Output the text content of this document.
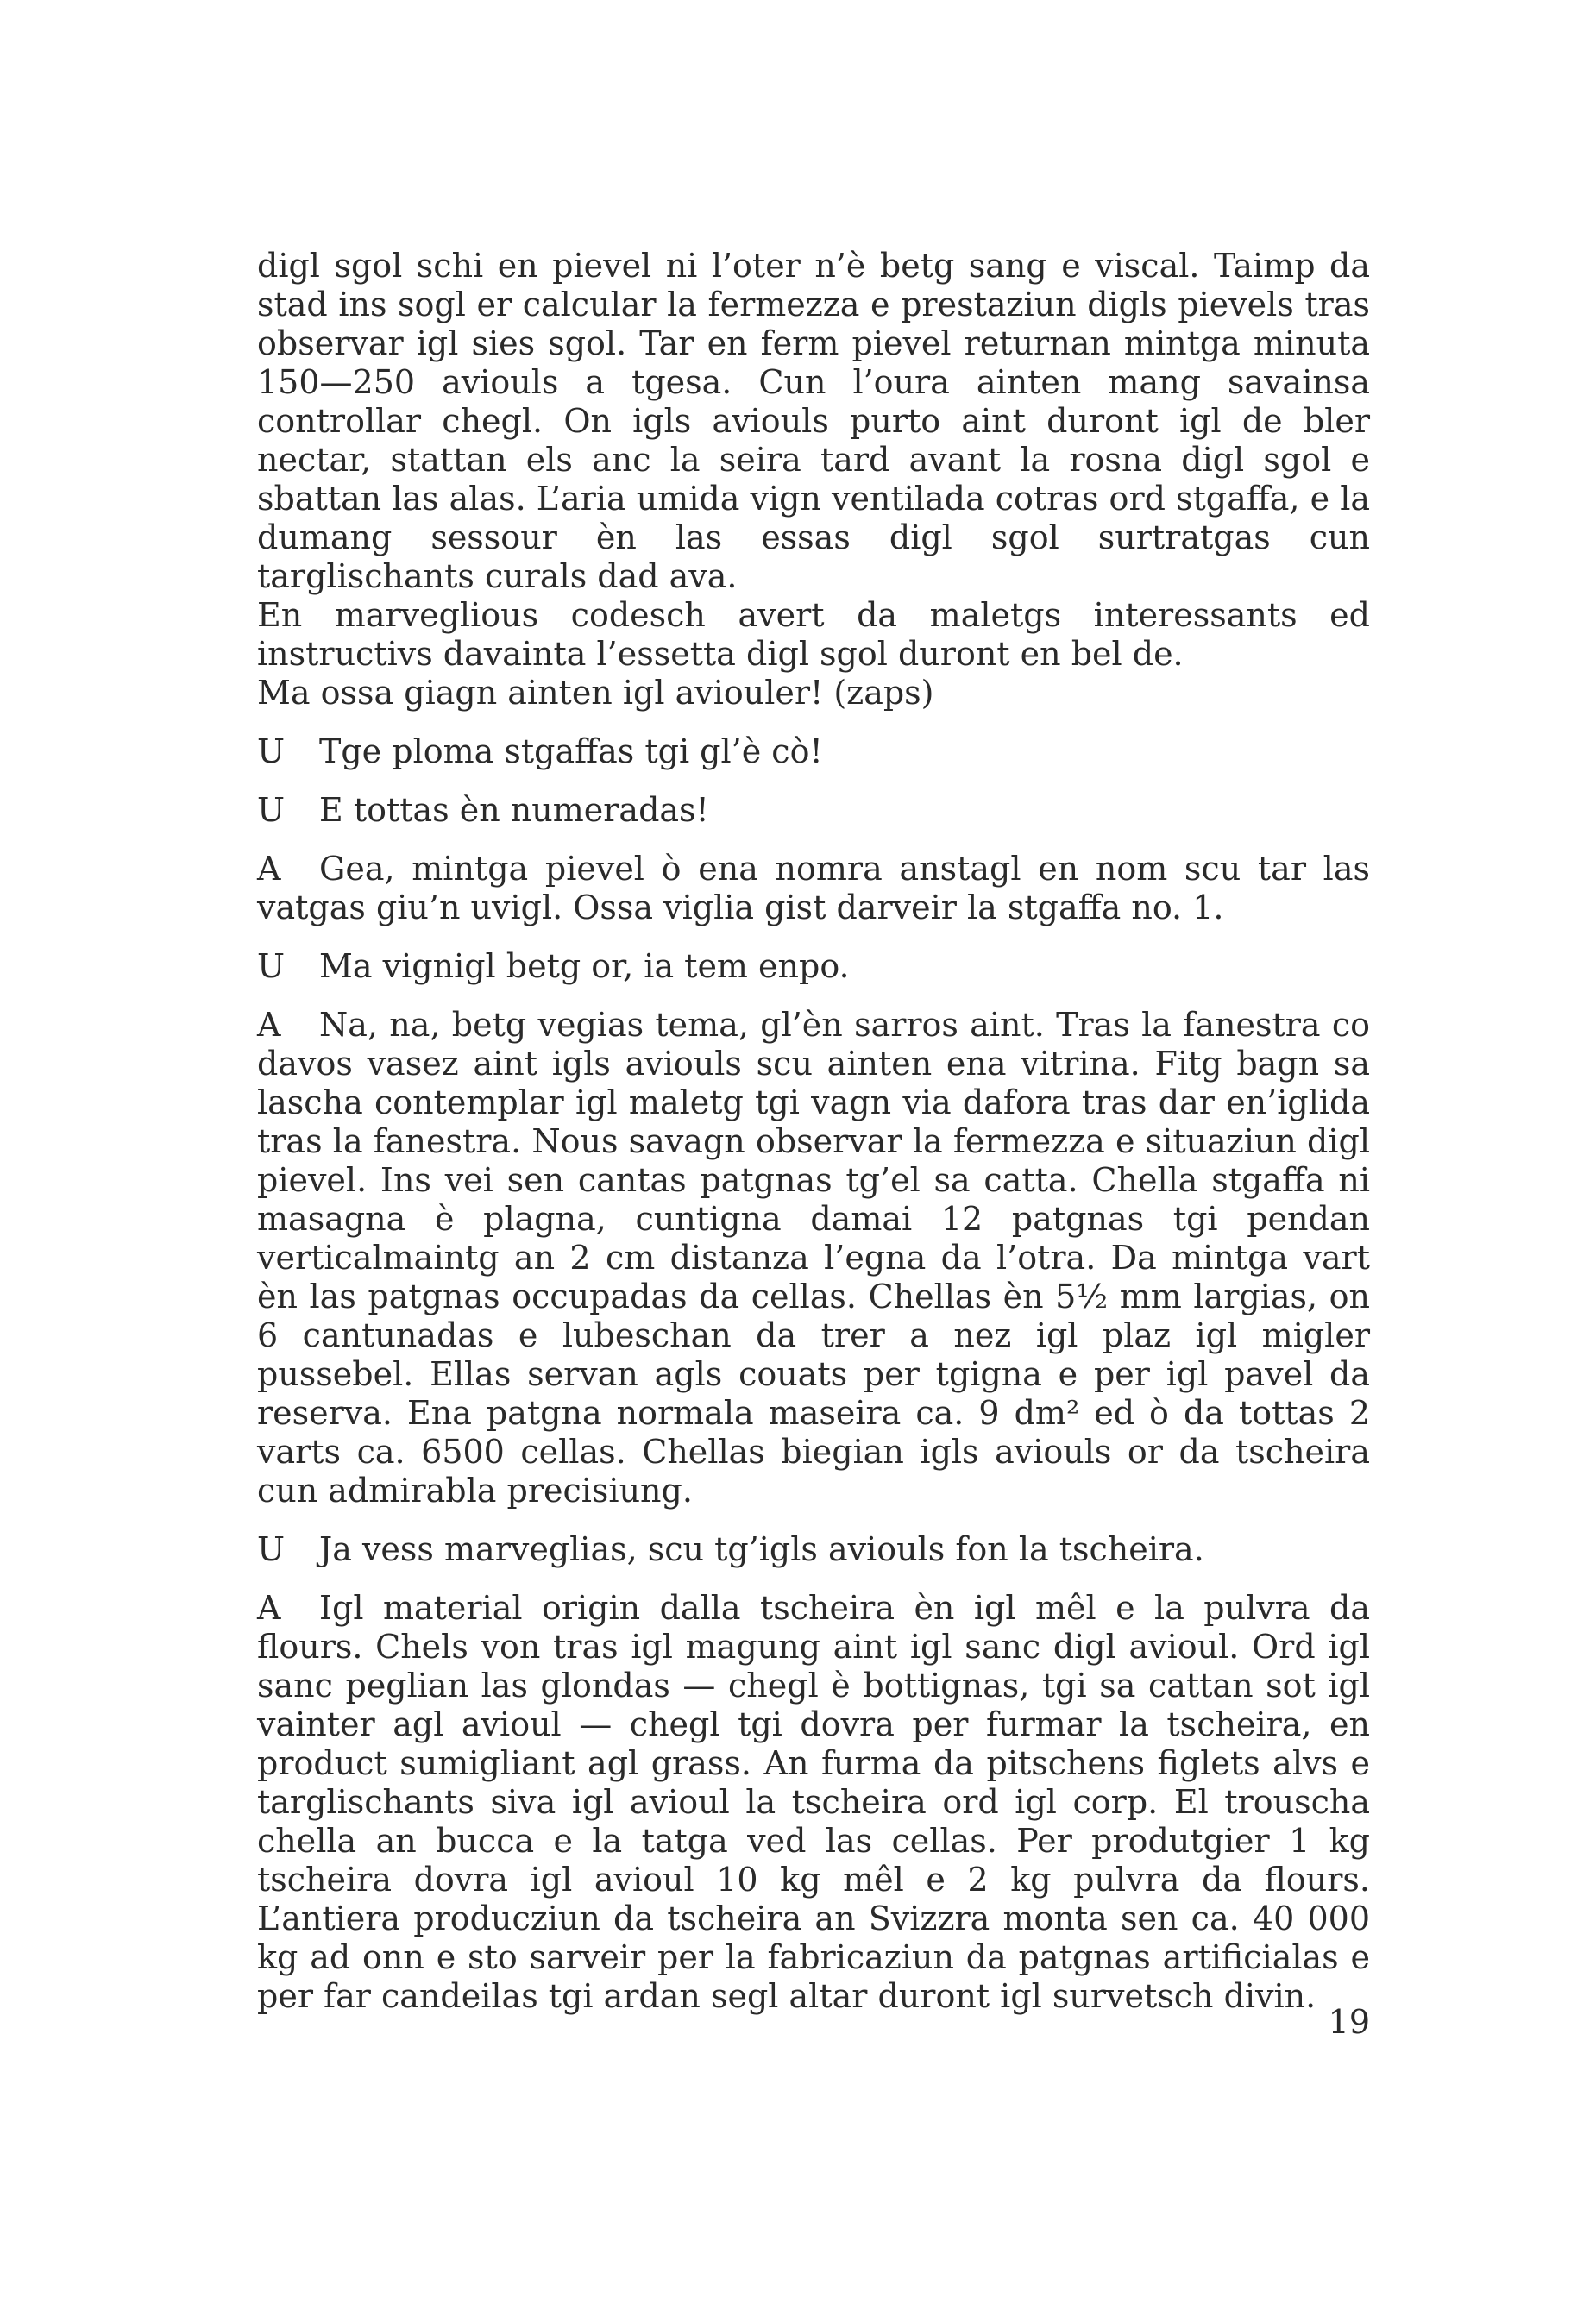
digl sgol schi en pievel ni l’oter n’è betg sang e viscal. Taimp da stad ins sogl er calcular la fermezza e prestaziun digls pievels tras observar igl sies sgol. Tar en ferm pievel returnan mintga minuta 150—250 aviouls a tgesa. Cun l’oura ainten mang savainsa controllar chegl. On igls aviouls purto aint duront igl de bler nectar, stattan els anc la seira tard avant la rosna digl sgol e sbattan las alas. L’aria umida vign ventilada cotras ord stgaffa, e la dumang sessour èn las essas digl sgol surtratgas cun targlischants curals dad ava.

En marveglious codesch avert da maletgs interessants ed instructivs davainta l’essetta digl sgol duront en bel de.

Ma ossa giagn ainten igl aviouler! (zaps)

U Tge ploma stgaffas tgi gl’è cò!

U E tottas èn numeradas!

A Gea, mintga pievel ò ena nomra anstagl en nom scu tar las vatgas giu’n uvigl. Ossa viglia gist darveir la stgaffa no. 1.

U Ma vignigl betg or, ia tem enpo.

A Na, na, betg vegias tema, gl’èn sarros aint. Tras la fanestra co davos vasez aint igls aviouls scu ainten ena vitrina. Fitg bagn sa lascha contemplar igl maletg tgi vagn via dafora tras dar en’iglida tras la fanestra. Nous savagn observar la fermezza e situaziun digl pievel. Ins vei sen cantas patgnas tg’el sa catta. Chella stgaffa ni masagna è plagna, cuntigna damai 12 patgnas tgi pendan verticalmaintg an 2 cm distanza l’egna da l’otra. Da mintga vart èn las patgnas occupadas da cellas. Chellas èn 5½ mm largias, on 6 cantunadas e lubeschan da trer a nez igl plaz igl migler pussebel. Ellas servan agls couats per tgigna e per igl pavel da reserva. Ena patgna normala maseira ca. 9 dm² ed ò da tottas 2 varts ca. 6500 cellas. Chellas biegian igls aviouls or da tscheira cun admirabla precisiung.

U Ja vess marveglias, scu tg’igls aviouls fon la tscheira.

A Igl material origin dalla tscheira èn igl mêl e la pulvra da flours. Chels von tras igl magung aint igl sanc digl avioul. Ord igl sanc peglian las glondas — chegl è bottignas, tgi sa cattan sot igl vainter agl avioul — chegl tgi dovra per furmar la tscheira, en product sumigliant agl grass. An furma da pitschens figlets alvs e targlischants siva igl avioul la tscheira ord igl corp. El trouscha chella an bucca e la tatga ved las cellas. Per produtgier 1 kg tscheira dovra igl avioul 10 kg mêl e 2 kg pulvra da flours. L’antiera producziun da tscheira an Svizzra monta sen ca. 40 000 kg ad onn e sto sarveir per la fabricaziun da patgnas artificialas e per far candeilas tgi ardan segl altar duront igl survetsch divin.

19
